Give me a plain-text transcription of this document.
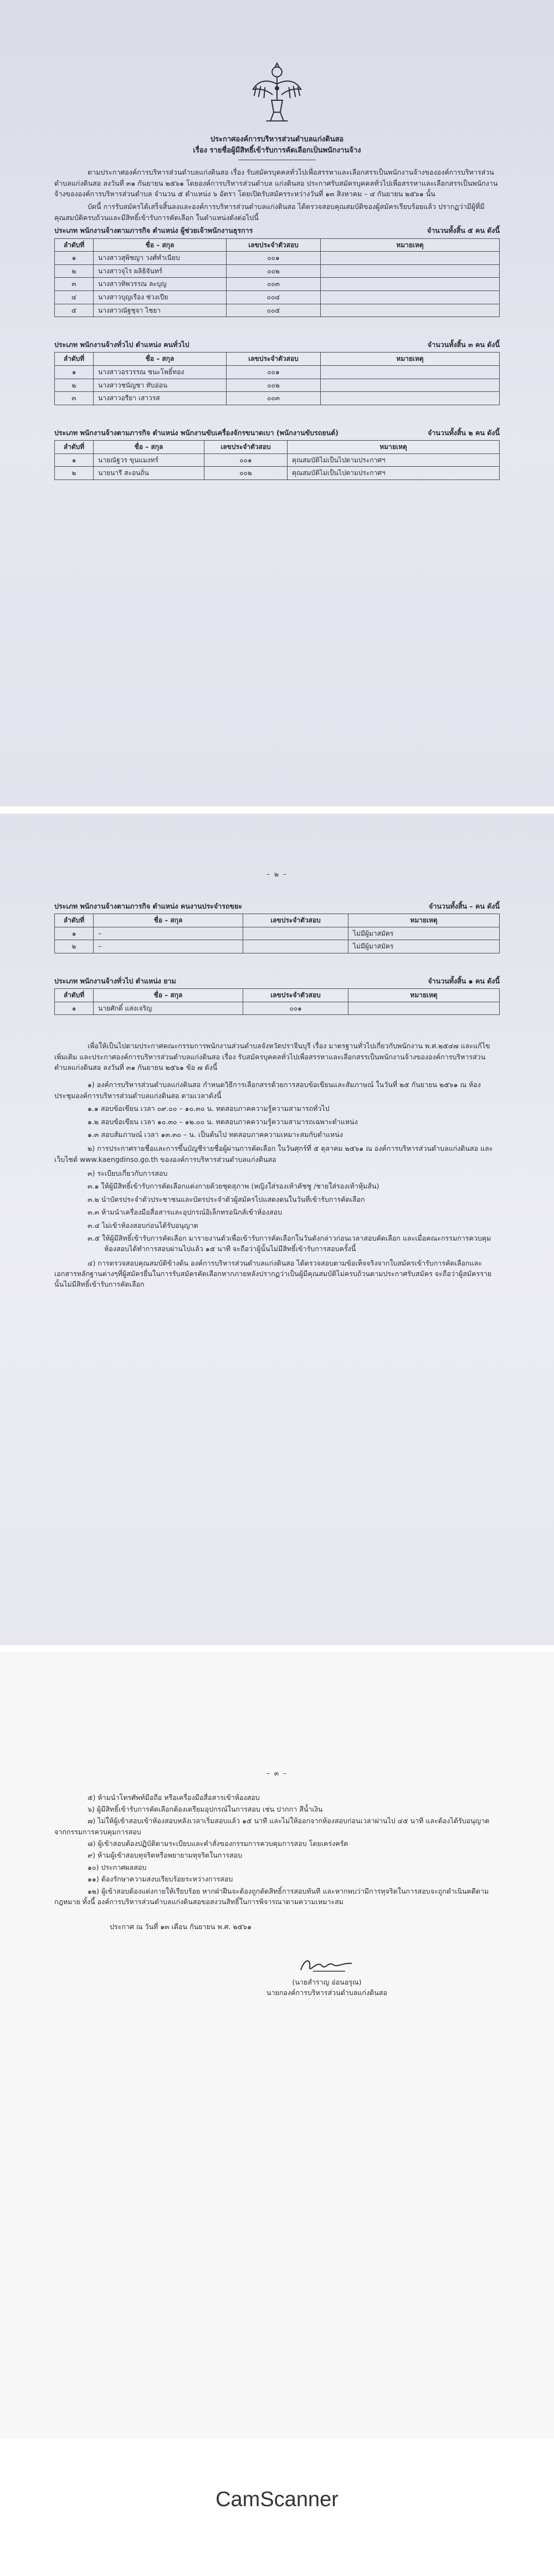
ประกาศองค์การบริหารส่วนตำบลแก่งดินสอ
เรื่อง รายชื่อผู้มีสิทธิ์เข้ารับการคัดเลือกเป็นพนักงานจ้าง

ตามประกาศองค์การบริหารส่วนตำบลแก่งดินสอ เรื่อง รับสมัครบุคคลทั่วไปเพื่อสรรหาและเลือกสรรเป็นพนักงานจ้างขององค์การบริหารส่วนตำบลแก่งดินสอ ลงวันที่ ๓๑ กันยายน ๒๕๖๑ โดยองค์การบริหารส่วนตำบล แก่งดินสอ ประกาศรับสมัครบุคคลทั่วไปเพื่อสรรหาและเลือกสรรเป็นพนักงานจ้างขององค์การบริหารส่วนตำบล จำนวน ๕ ตำแหน่ง ๖ อัตรา โดยเปิดรับสมัครระหว่างวันที่ ๑๓ สิงหาคม – ๔ กันยายน ๒๕๖๑ นั้น

บัดนี้ การรับสมัครได้เสร็จสิ้นลงและองค์การบริหารส่วนตำบลแก่งดินสอ ได้ตรวจสอบคุณสมบัติของผู้สมัครเรียบร้อยแล้ว ปรากฏว่ามีผู้ที่มีคุณสมบัติครบถ้วนและมีสิทธิ์เข้ารับการคัดเลือก ในตำแหน่งดังต่อไปนี้

ประเภท พนักงานจ้างตามภารกิจ ตำแหน่ง ผู้ช่วยเจ้าพนักงานธุรการ	จำนวนทั้งสิ้น ๕ คน ดังนี้
ลำดับที่	ชื่อ – สกุล	เลขประจำตัวสอบ	หมายเหตุ
๑	นางสาวสุพิชญา วงศ์ทำเนียบ	๐๐๑	
๒	นางสาวจุไร ผลิธิจันทร์	๐๐๒	
๓	นางสาวทิพวรรณ ละบุญ	๐๐๓	
๔	นางสาวบุญเรือง ช่วงเปีย	๐๐๔	
๕	นางสาวณัฐชุจา ไชยา	๐๐๕	
ประเภท พนักงานจ้างทั่วไป ตำแหน่ง คนทั่วไป	จำนวนทั้งสิ้น ๓ คน ดังนี้
ลำดับที่	ชื่อ – สกุล	เลขประจำตัวสอบ	หมายเหตุ
๑	นางสาวอรวรรณ ชนะโพธิ์ทอง	๐๐๑	
๒	นางสาวชนัญชา ทับอ่อน	๐๐๒	
๓	นางสาวอรียา เสาวรส	๐๐๓	
ประเภท พนักงานจ้างตามภารกิจ ตำแหน่ง พนักงานขับเครื่องจักรขนาดเบา (พนักงานขับรถยนต์)	จำนวนทั้งสิ้น ๒ คน ดังนี้
ลำดับที่	ชื่อ – สกุล	เลขประจำตัวสอบ	หมายเหตุ
๑	นายณัฐวร ขุนแมงทร์	๐๐๑	คุณสมบัติไม่เป็นไปตามประกาศฯ
๒	นายนารี สะอนถิ่น	๐๐๒	คุณสมบัติไม่เป็นไปตามประกาศฯ
– ๒ –
ประเภท พนักงานจ้างตามภารกิจ ตำแหน่ง คนงานประจำรถขยะ	จำนวนทั้งสิ้น – คน ดังนี้
ลำดับที่	ชื่อ – สกุล	เลขประจำตัวสอบ	หมายเหตุ
๑	–		ไม่มีผู้มาสมัคร
๒	–		ไม่มีผู้มาสมัคร
ประเภท พนักงานจ้างทั่วไป ตำแหน่ง ยาม	จำนวนทั้งสิ้น ๑ คน ดังนี้
ลำดับที่	ชื่อ – สกุล	เลขประจำตัวสอบ	หมายเหตุ
๑	นายศักดิ์ แสงเจริญ	๐๐๑	

เพื่อให้เป็นไปตามประกาศคณะกรรมการพนักงานส่วนตำบลจังหวัดปราจีนบุรี เรื่อง มาตรฐานทั่วไปเกี่ยวกับพนักงาน พ.ศ.๒๕๔๗ และแก้ไขเพิ่มเติม และประกาศองค์การบริหารส่วนตำบลแก่งดินสอ เรื่อง รับสมัครบุคคลทั่วไปเพื่อสรรหาและเลือกสรรเป็นพนักงานจ้างขององค์การบริหารส่วนตำบลแก่งดินสอ ลงวันที่ ๓๑ กันยายน ๒๕๖๑ ข้อ ๗ ดังนี้

๑) องค์การบริหารส่วนตำบลแก่งดินสอ กำหนดวิธีการเลือกสรรด้วยการสอบข้อเขียนและสัมภาษณ์ ในวันที่ ๒๕ กันยายน ๒๕๖๑ ณ ห้องประชุมองค์การบริหารส่วนตำบลแก่งดินสอ ตามเวลาดังนี้

๑.๑ สอบข้อเขียน เวลา ๐๙.๐๐ – ๑๐.๓๐ น. ทดสอบภาคความรู้ความสามารถทั่วไป

๑.๒ สอบข้อเขียน เวลา ๑๐.๓๐ – ๑๒.๐๐ น. ทดสอบภาคความรู้ความสามารถเฉพาะตำแหน่ง

๑.๓ สอบสัมภาษณ์ เวลา ๑๓.๓๐ – น. เป็นต้นไป ทดสอบภาคความเหมาะสมกับตำแหน่ง

๒) การประกาศรายชื่อและการขึ้นบัญชีรายชื่อผู้ผ่านการคัดเลือก ในวันศุกร์ที่ ๕ ตุลาคม ๒๕๖๑ ณ องค์การบริหารส่วนตำบลแก่งดินสอ และเว็บไซต์ www.kaengdinso.go.th ขององค์การบริหารส่วนตำบลแก่งดินสอ

๓) ระเบียบเกี่ยวกับการสอบ

๓.๑ ให้ผู้มีสิทธิ์เข้ารับการคัดเลือกแต่งกายด้วยชุดสุภาพ (หญิงใส่รองเท้าคัชชู /ชายใส่รองเท้าหุ้มส้น)

๓.๒ นำบัตรประจำตัวประชาชนและบัตรประจำตัวผู้สมัครไปแสดงตนในวันที่เข้ารับการคัดเลือก

๓.๓ ห้ามนำเครื่องมือสื่อสารและอุปกรณ์อิเล็กทรอนิกส์เข้าห้องสอบ

๓.๔ ไม่เข้าห้องสอบก่อนได้รับอนุญาต

๓.๕ ให้ผู้มีสิทธิ์เข้ารับการคัดเลือก มารายงานตัวเพื่อเข้ารับการคัดเลือกในวันดังกล่าวก่อนเวลาสอบคัดเลือก และเมื่อคณะกรรมการควบคุมห้องสอบได้ทำการสอบผ่านไปแล้ว ๑๕ นาที จะถือว่าผู้นั้นไม่มีสิทธิ์เข้ารับการสอบครั้งนี้

๔) การตรวจสอบคุณสมบัติข้างต้น องค์การบริหารส่วนตำบลแก่งดินสอ ได้ตรวจสอบตามข้อเท็จจริงจากใบสมัครเข้ารับการคัดเลือกและเอกสารหลักฐานต่างๆที่ผู้สมัครยื่นในการรับสมัครคัดเลือกหากภายหลังปรากฏว่าเป็นผู้มีคุณสมบัติไม่ครบถ้วนตามประกาศรับสมัคร จะถือว่าผู้สมัครรายนั้นไม่มีสิทธิ์เข้ารับการคัดเลือก

– ๓ –

๕) ห้ามนำโทรศัพท์มือถือ หรือเครื่องมือสื่อสารเข้าห้องสอบ

๖) ผู้มีสิทธิ์เข้ารับการคัดเลือกต้องเตรียมอุปกรณ์ในการสอบ เช่น ปากกา สีน้ำเงิน

๗) ไม่ให้ผู้เข้าสอบเข้าห้องสอบหลังเวลาเริ่มสอบแล้ว ๑๕ นาที และไม่ให้ออกจากห้องสอบก่อนเวลาผ่านไป ๔๕ นาที และต้องได้รับอนุญาตจากกรรมการควบคุมการสอบ

๘) ผู้เข้าสอบต้องปฏิบัติตามระเบียบและคำสั่งของกรรมการควบคุมการสอบ โดยเคร่งครัด

๙) ห้ามผู้เข้าสอบทุจริตหรือพยายามทุจริตในการสอบ

๑๐) ประกาศผลสอบ

๑๑) ต้องรักษาความสงบเรียบร้อยระหว่างการสอบ

๑๒) ผู้เข้าสอบต้องแต่งกายให้เรียบร้อย หากฝ่าฝืนจะต้องถูกตัดสิทธิ์การสอบทันที และหากพบว่ามีการทุจริตในการสอบจะถูกดำเนินคดีตามกฎหมาย ทั้งนี้ องค์การบริหารส่วนตำบลแก่งดินสอขอสงวนสิทธิ์ในการพิจารณาตามความเหมาะสม

ประกาศ ณ วันที่ ๑๓ เดือน กันยายน พ.ศ. ๒๕๖๑

(นายสำราญ อ่อนอรุณ)
นายกองค์การบริหารส่วนตำบลแก่งดินสอ
CamScanner
